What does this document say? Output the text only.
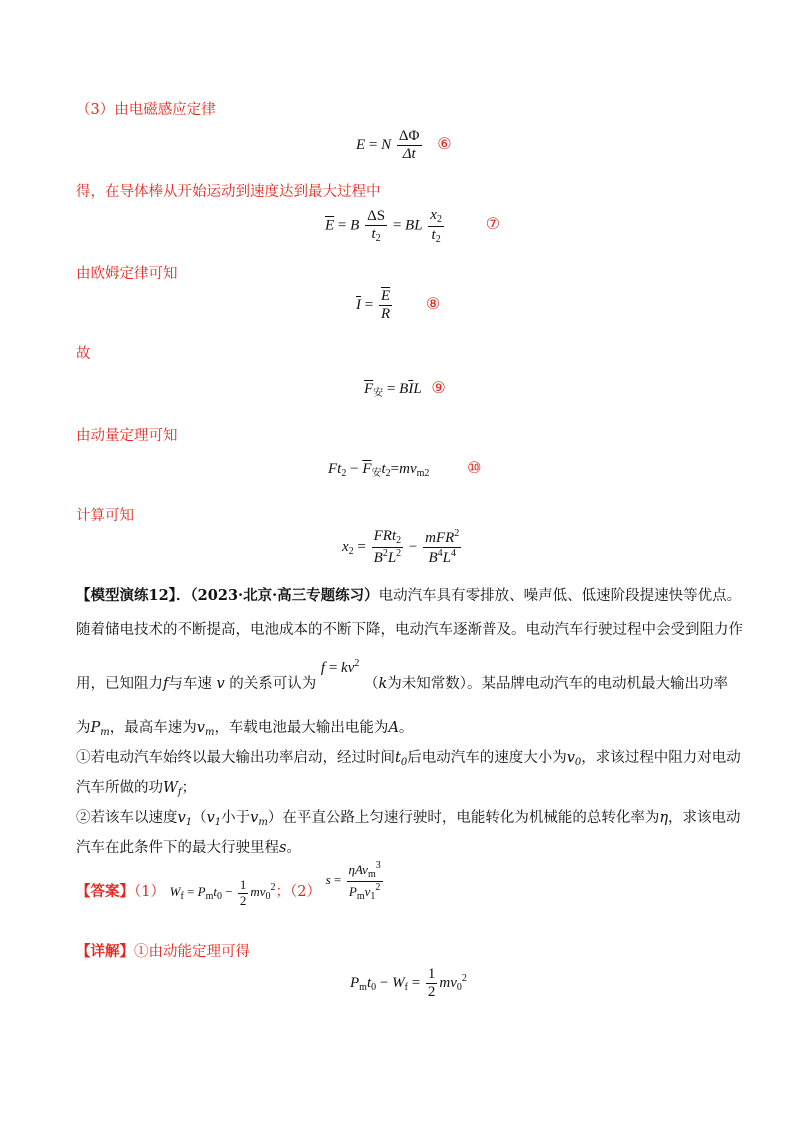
（3）由电磁感应定律
E = N $\frac{\Delta\Phi}{\Delta t}$ ⑥
得，在导体棒从开始运动到速度达到最大过程中
$\overline{E} = B \frac{\Delta S}{t_2}$ = BL $\frac{x_2}{t_2}$	⑦
由欧姆定律可知
$\overline{I} = \frac{\overline{E}}{R}$ ⑧
故
$\overline{F}_安 = B\overline{I}L$ ⑨
由动量定理可知
$Ft_2 - \overline{F}_安t_2=mv_{m2}$ ⑩
计算可知
$x_2 = \frac{FRt_2}{B^2L^2} - \frac{mFR^2}{B^4L^4}$
【模型演练12】．（2023·北京·高三专题练习）电动汽车具有零排放、噪声低、低速阶段提速快等优点。
随着储电技术的不断提高，电池成本的不断下降，电动汽车逐渐普及。电动汽车行驶过程中会受到阻力作
用，已知阻力f与车速 v 的关系可认为 $f = kv^2$ （k为未知常数）。某品牌电动汽车的电动机最大输出功率
为$P_m$，最高车速为$v_m$，车载电池最大输出电能为A。
①若电动汽车始终以最大输出功率启动，经过时间$t_0$后电动汽车的速度大小为$v_0$，求该过程中阻力对电动
汽车所做的功$W_f$；
②若该车以速度$v_1(v_1$小于$v_m$）在平直公路上匀速行驶时，电能转化为机械能的总转化率为η，求该电动
汽车在此条件下的最大行驶里程s。
【答案】（1） $W_f = P_mt_0 - \frac{1}{2} mv_0^2$；（2） $s = \frac{\eta Av_m^3}{P_mv_1^2}$
【详解】①由动能定理可得
$P_mt_0 - W_f = \frac{1}{2} mv_0^2$
